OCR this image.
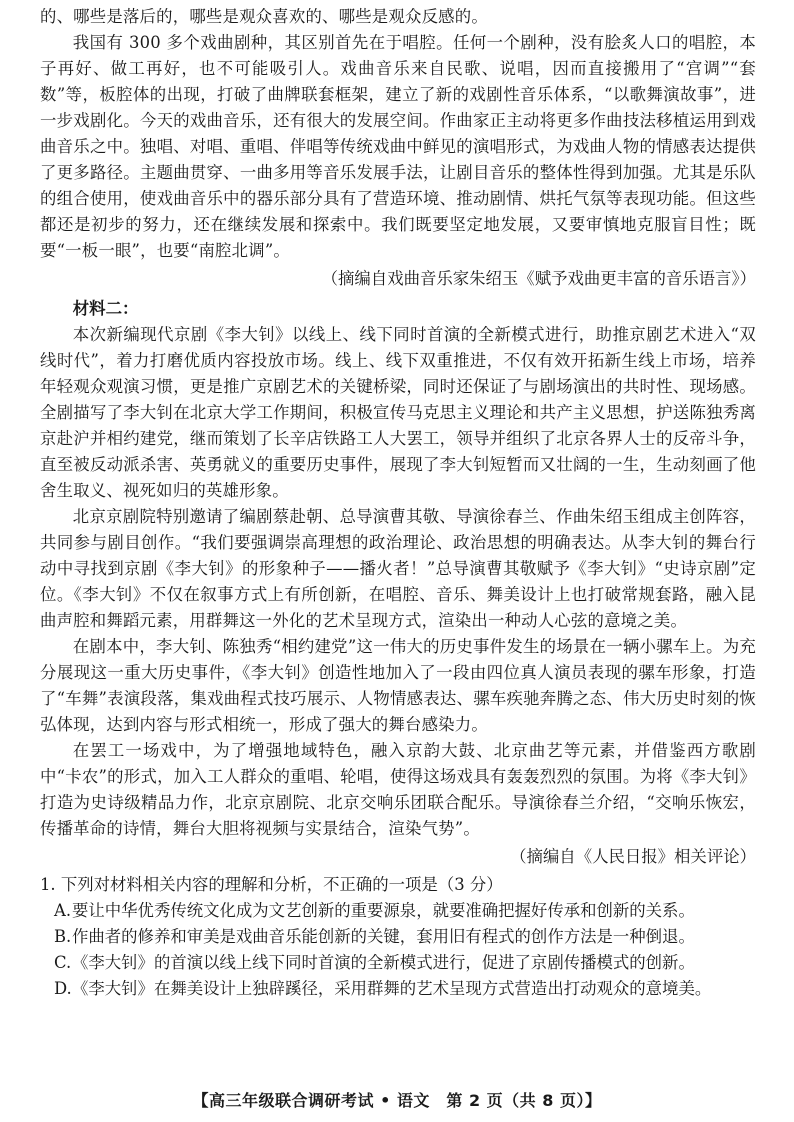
的、哪些是落后的，哪些是观众喜欢的、哪些是观众反感的。

我国有 300 多个戏曲剧种，其区别首先在于唱腔。任何一个剧种，没有脍炙人口的唱腔，本子再好、做工再好，也不可能吸引人。戏曲音乐来自民歌、说唱，因而直接搬用了“宫调”“套数”等，板腔体的出现，打破了曲牌联套框架，建立了新的戏剧性音乐体系，“以歌舞演故事”，进一步戏剧化。今天的戏曲音乐，还有很大的发展空间。作曲家正主动将更多作曲技法移植运用到戏曲音乐之中。独唱、对唱、重唱、伴唱等传统戏曲中鲜见的演唱形式，为戏曲人物的情感表达提供了更多路径。主题曲贯穿、一曲多用等音乐发展手法，让剧目音乐的整体性得到加强。尤其是乐队的组合使用，使戏曲音乐中的器乐部分具有了营造环境、推动剧情、烘托气氛等表现功能。但这些都还是初步的努力，还在继续发展和探索中。我们既要坚定地发展，又要审慎地克服盲目性；既要“一板一眼”，也要“南腔北调”。

（摘编自戏曲音乐家朱绍玉《赋予戏曲更丰富的音乐语言》）

材料二：

本次新编现代京剧《李大钊》以线上、线下同时首演的全新模式进行，助推京剧艺术进入“双线时代”，着力打磨优质内容投放市场。线上、线下双重推进，不仅有效开拓新生线上市场，培养年轻观众观演习惯，更是推广京剧艺术的关键桥梁，同时还保证了与剧场演出的共时性、现场感。全剧描写了李大钊在北京大学工作期间，积极宣传马克思主义理论和共产主义思想，护送陈独秀离京赴沪并相约建党，继而策划了长辛店铁路工人大罢工，领导并组织了北京各界人士的反帝斗争，直至被反动派杀害、英勇就义的重要历史事件，展现了李大钊短暂而又壮阔的一生，生动刻画了他舍生取义、视死如归的英雄形象。

北京京剧院特别邀请了编剧蔡赴朝、总导演曹其敬、导演徐春兰、作曲朱绍玉组成主创阵容，共同参与剧目创作。“我们要强调崇高理想的政治理论、政治思想的明确表达。从李大钊的舞台行动中寻找到京剧《李大钊》的形象种子——播火者！”总导演曹其敬赋予《李大钊》“史诗京剧”定位。《李大钊》不仅在叙事方式上有所创新，在唱腔、音乐、舞美设计上也打破常规套路，融入昆曲声腔和舞蹈元素，用群舞这一外化的艺术呈现方式，渲染出一种动人心弦的意境之美。

在剧本中，李大钊、陈独秀“相约建党”这一伟大的历史事件发生的场景在一辆小骡车上。为充分展现这一重大历史事件，《李大钊》创造性地加入了一段由四位真人演员表现的骡车形象，打造了“车舞”表演段落，集戏曲程式技巧展示、人物情感表达、骡车疾驰奔腾之态、伟大历史时刻的恢弘体现，达到内容与形式相统一，形成了强大的舞台感染力。

在罢工一场戏中，为了增强地域特色，融入京韵大鼓、北京曲艺等元素，并借鉴西方歌剧中“卡农”的形式，加入工人群众的重唱、轮唱，使得这场戏具有轰轰烈烈的氛围。为将《李大钊》打造为史诗级精品力作，北京京剧院、北京交响乐团联合配乐。导演徐春兰介绍，“交响乐恢宏，传播革命的诗情，舞台大胆将视频与实景结合，渲染气势”。

（摘编自《人民日报》相关评论）

1. 下列对材料相关内容的理解和分析，不正确的一项是（3 分）

A. 要让中华优秀传统文化成为文艺创新的重要源泉，就要准确把握好传承和创新的关系。
B. 作曲者的修养和审美是戏曲音乐能创新的关键，套用旧有程式的创作方法是一种倒退。
C. 《李大钊》的首演以线上线下同时首演的全新模式进行，促进了京剧传播模式的创新。
D. 《李大钊》在舞美设计上独辟蹊径，采用群舞的艺术呈现方式营造出打动观众的意境美。
【高三年级联合调研考试 • 语文　第 2 页（共 8 页）】
